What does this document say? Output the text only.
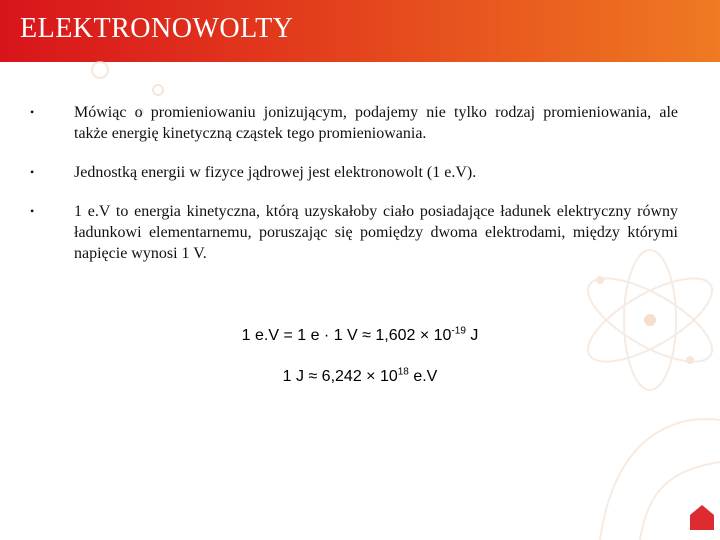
ELEKTRONOWOLTY
•	Mówiąc o promieniowaniu jonizującym, podajemy nie tylko rodzaj promieniowania, ale także energię kinetyczną cząstek tego promieniowania.
•	Jednostką energii w fizyce jądrowej jest elektronowolt (1 e.V).
•	1 e.V to energia kinetyczna, którą uzyskałoby ciało posiadające ładunek elektryczny równy ładunkowi elementarnemu, poruszając się pomiędzy dwoma elektrodami, między którymi napięcie wynosi 1 V.
1 e.V = 1 e · 1 $V \approx 1,602 \times 10^{-19}$ J
1 $J \approx 6,242 \times 10^{18}$ e.V
